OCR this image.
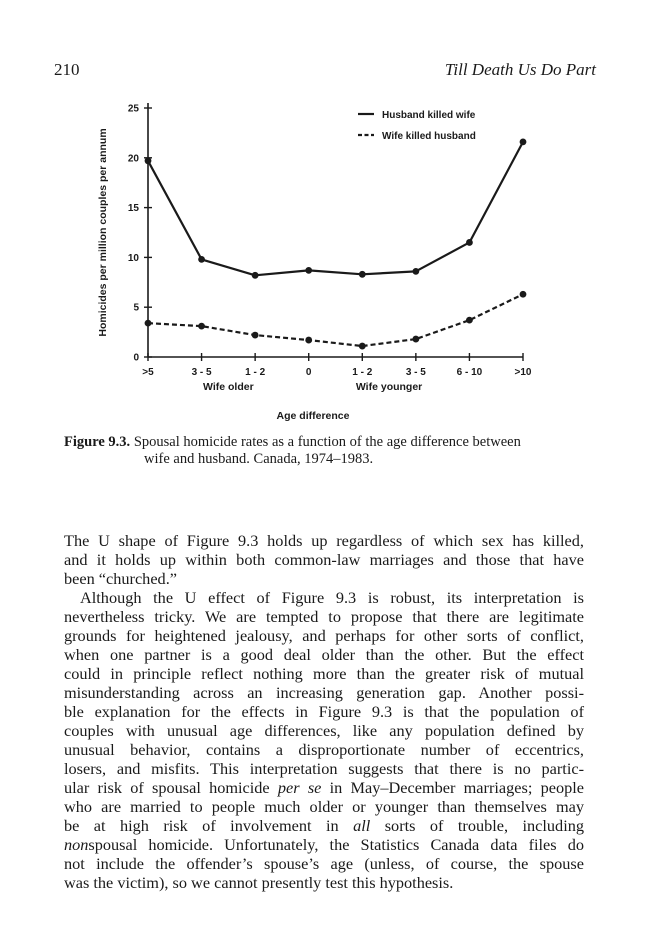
210	Till Death Us Do Part
0
5
10
15
20
25
Homicides per million couples per annum
>5	3 - 5	1 - 2	0	1 - 2	3 - 5	6 - 10	>10
Wife older	Wife younger
Age difference
Husband killed wife
Wife killed husband
Figure 9.3. Spousal homicide rates as a function of the age difference between
wife and husband. Canada, 1974–1983.
The U shape of Figure 9.3 holds up regardless of which sex has killed,
and it holds up within both common-law marriages and those that have
been “churched.”
Although the U effect of Figure 9.3 is robust, its interpretation is
nevertheless tricky. We are tempted to propose that there are legitimate
grounds for heightened jealousy, and perhaps for other sorts of conflict,
when one partner is a good deal older than the other. But the effect
could in principle reflect nothing more than the greater risk of mutual
misunderstanding across an increasing generation gap. Another possi-
ble explanation for the effects in Figure 9.3 is that the population of
couples with unusual age differences, like any population defined by
unusual behavior, contains a disproportionate number of eccentrics,
losers, and misfits. This interpretation suggests that there is no partic-
ular risk of spousal homicide per se in May–December marriages; people
who are married to people much older or younger than themselves may
be at high risk of involvement in all sorts of trouble, including
nonspousal homicide. Unfortunately, the Statistics Canada data files do
not include the offender’s spouse’s age (unless, of course, the spouse
was the victim), so we cannot presently test this hypothesis.
